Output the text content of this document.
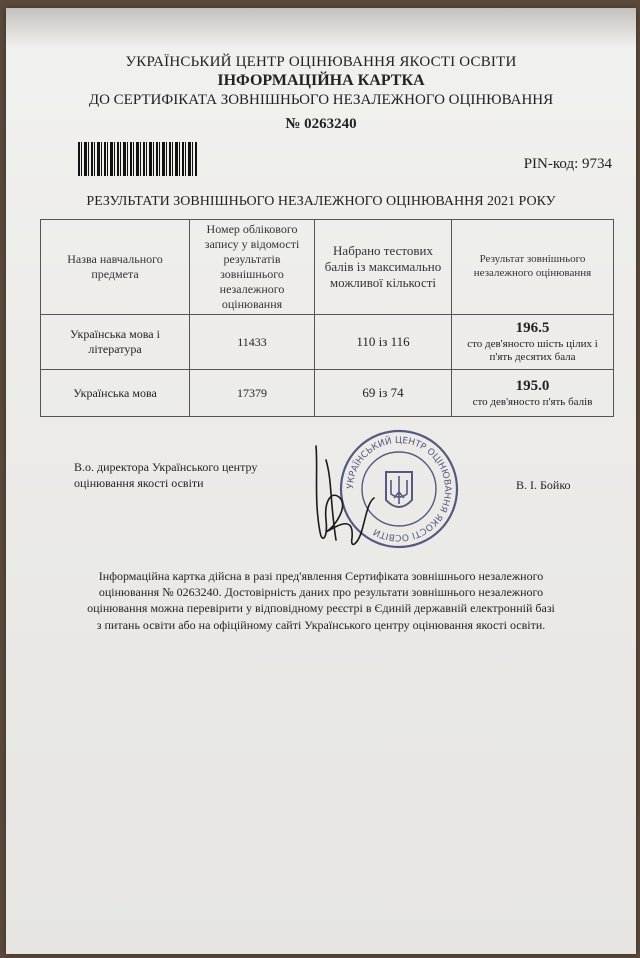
УКРАЇНСЬКИЙ ЦЕНТР ОЦІНЮВАННЯ ЯКОСТІ ОСВІТИ
ІНФОРМАЦІЙНА КАРТКА
ДО СЕРТИФІКАТА ЗОВНІШНЬОГО НЕЗАЛЕЖНОГО ОЦІНЮВАННЯ
№ 0263240
PIN-код: 9734
РЕЗУЛЬТАТИ ЗОВНІШНЬОГО НЕЗАЛЕЖНОГО ОЦІНЮВАННЯ 2021 РОКУ
Назва навчального предмета	Номер облікового запису у відомості результатів зовнішнього незалежного оцінювання	Набрано тестових балів із максимально можливої кількості	Результат зовнішнього незалежного оцінювання
Українська мова і література	11433	110 із 116	196.5
сто дев'яносто шість цілих і п'ять десятих бала
Українська мова	17379	69 із 74	195.0
сто дев'яносто п'ять балів
В.о. директора Українського центру
оцінювання якості освіти	В. І. Бойко
УКРАЇНСЬКИЙ ЦЕНТР ОЦІНЮВАННЯ ЯКОСТІ ОСВІТИ
Інформаційна картка дійсна в разі пред'явлення Сертифіката зовнішнього незалежного
оцінювання № 0263240. Достовірність даних про результати зовнішнього незалежного
оцінювання можна перевірити у відповідному реєстрі в Єдиній державній електронній базі
з питань освіти або на офіційному сайті Українського центру оцінювання якості освіти.
